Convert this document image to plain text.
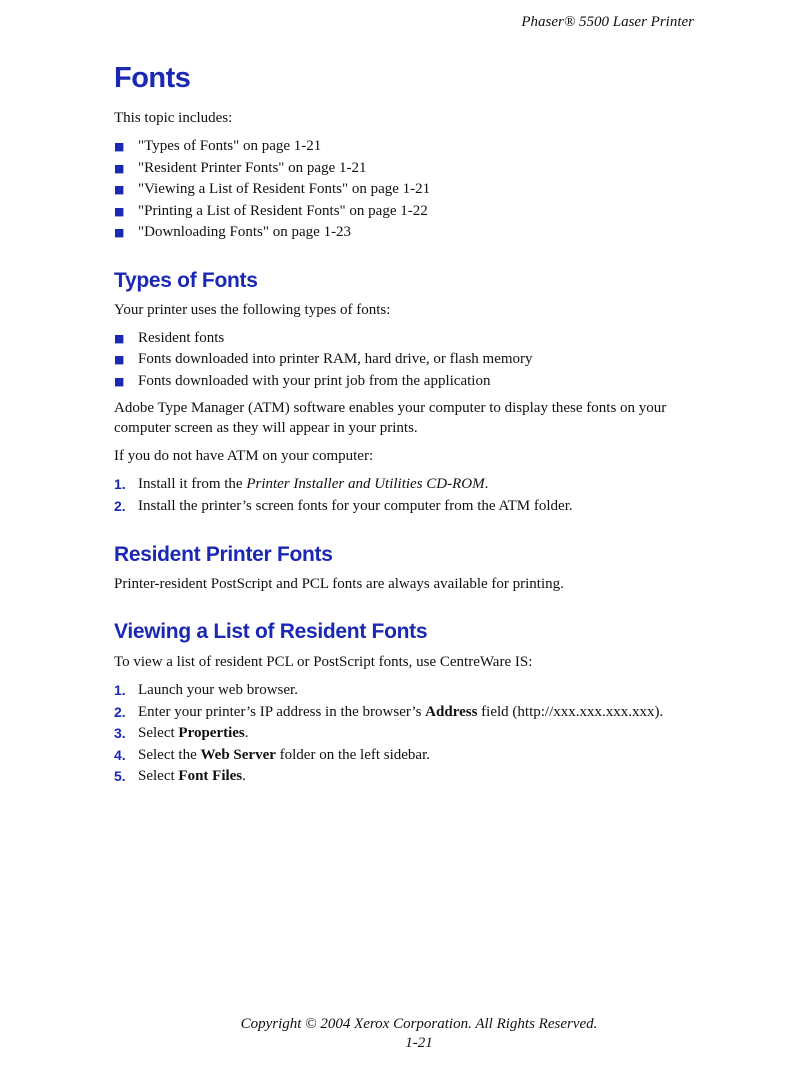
Phaser® 5500 Laser Printer
Fonts

This topic includes:

■ "Types of Fonts" on page 1-21
■ "Resident Printer Fonts" on page 1-21
■ "Viewing a List of Resident Fonts" on page 1-21
■ "Printing a List of Resident Fonts" on page 1-22
■ "Downloading Fonts" on page 1-23
Types of Fonts

Your printer uses the following types of fonts:

■ Resident fonts
■ Fonts downloaded into printer RAM, hard drive, or flash memory
■ Fonts downloaded with your print job from the application

Adobe Type Manager (ATM) software enables your computer to display these fonts on your computer screen as they will appear in your prints.

If you do not have ATM on your computer:

1. Install it from the Printer Installer and Utilities CD-ROM.
2. Install the printer’s screen fonts for your computer from the ATM folder.
Resident Printer Fonts

Printer-resident PostScript and PCL fonts are always available for printing.

Viewing a List of Resident Fonts

To view a list of resident PCL or PostScript fonts, use CentreWare IS:

1. Launch your web browser.
2. Enter your printer’s IP address in the browser’s Address field (http://xxx.xxx.xxx.xxx).
3. Select Properties.
4. Select the Web Server folder on the left sidebar.
5. Select Font Files.
Copyright © 2004 Xerox Corporation. All Rights Reserved.
1-21
